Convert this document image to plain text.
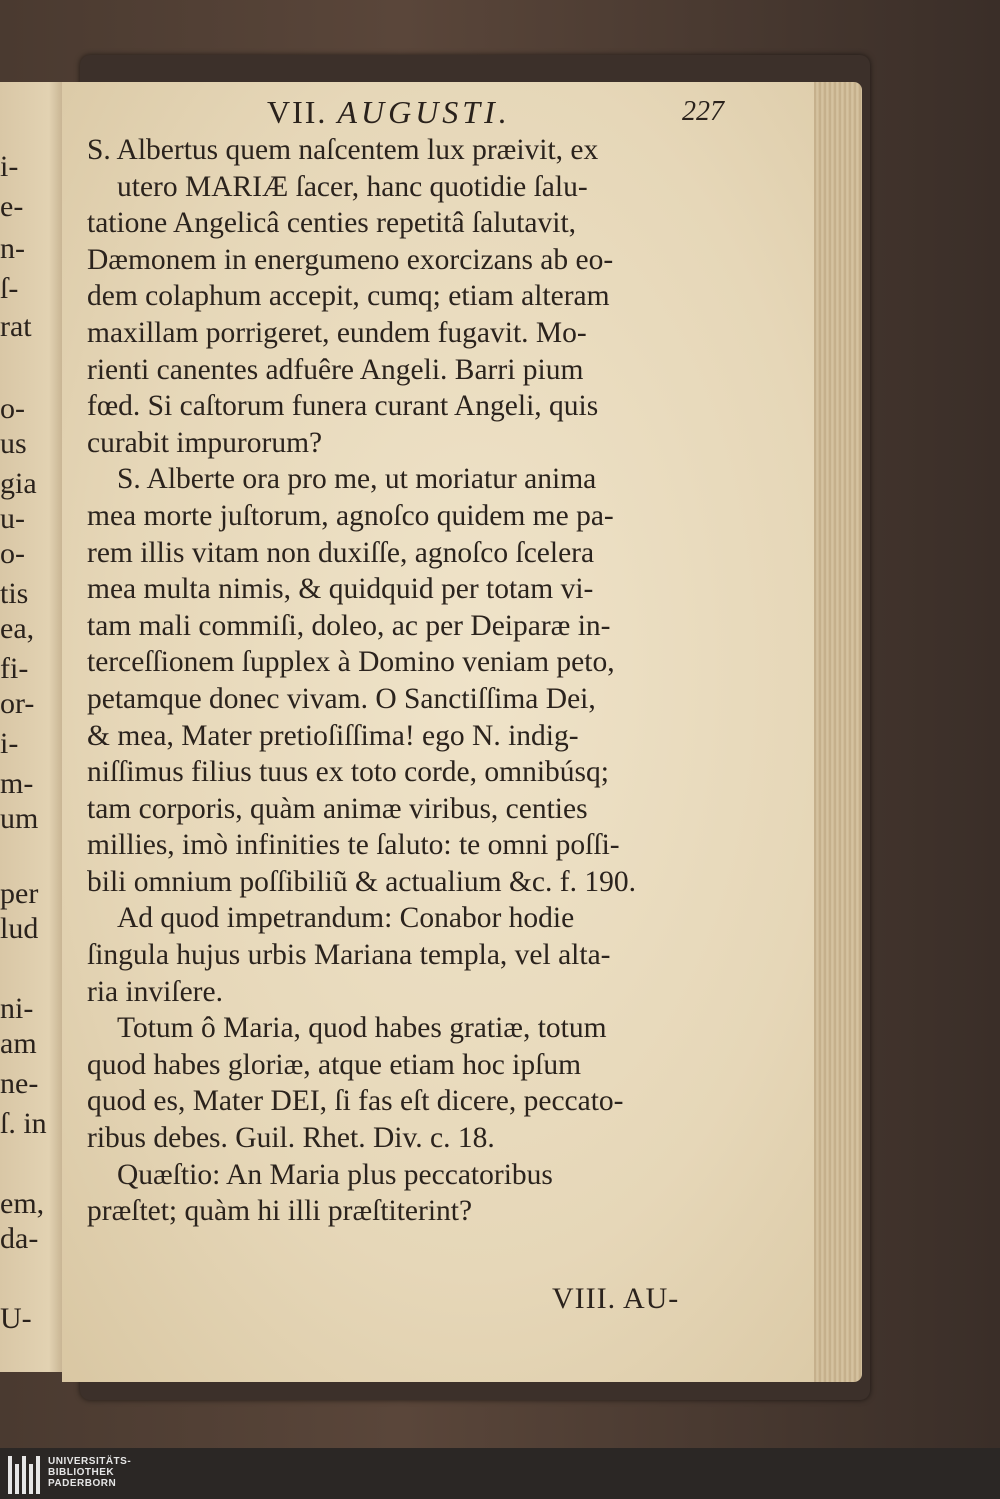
i-
e-
n-
ſ-
rat
o-
us
gia
u-
o-
tis
ea,
fi-
or-
i-
m-
um
per
lud
ni-
am
ne-
ſ. in
em,
da-
U-
VII. AUGUSTI.	227
S. Albertus quem naſcentem lux præivit, ex
utero MARIÆ ſacer, hanc quotidie ſalu-
tatione Angelicâ centies repetitâ ſalutavit,
Dæmonem in energumeno exorcizans ab eo-
dem colaphum accepit, cumq; etiam alteram
maxillam porrigeret, eundem fugavit. Mo-
rienti canentes adfuêre Angeli. Barri pium
fœd. Si caſtorum funera curant Angeli, quis
curabit impurorum?
S. Alberte ora pro me, ut moriatur anima
mea morte juſtorum, agnoſco quidem me pa-
rem illis vitam non duxiſſe, agnoſco ſcelera
mea multa nimis, & quidquid per totam vi-
tam mali commiſi, doleo, ac per Deiparæ in-
terceſſionem ſupplex à Domino veniam peto,
petamque donec vivam. O Sanctiſſima Dei,
& mea, Mater pretioſiſſima! ego N. indig-
niſſimus filius tuus ex toto corde, omnibúsq;
tam corporis, quàm animæ viribus, centies
millies, imò infinities te ſaluto: te omni poſſi-
bili omnium poſſibiliũ & actualium &c. f. 190.
Ad quod impetrandum: Conabor hodie
ſingula hujus urbis Mariana templa, vel alta-
ria inviſere.
Totum ô Maria, quod habes gratiæ, totum
quod habes gloriæ, atque etiam hoc ipſum
quod es, Mater DEI, ſi fas eſt dicere, peccato-
ribus debes. Guil. Rhet. Div. c. 18.
Quæſtio: An Maria plus peccatoribus
præſtet; quàm hi illi præſtiterint?
VIII. AU-
UNIVERSITÄTS-
BIBLIOTHEK
PADERBORN
